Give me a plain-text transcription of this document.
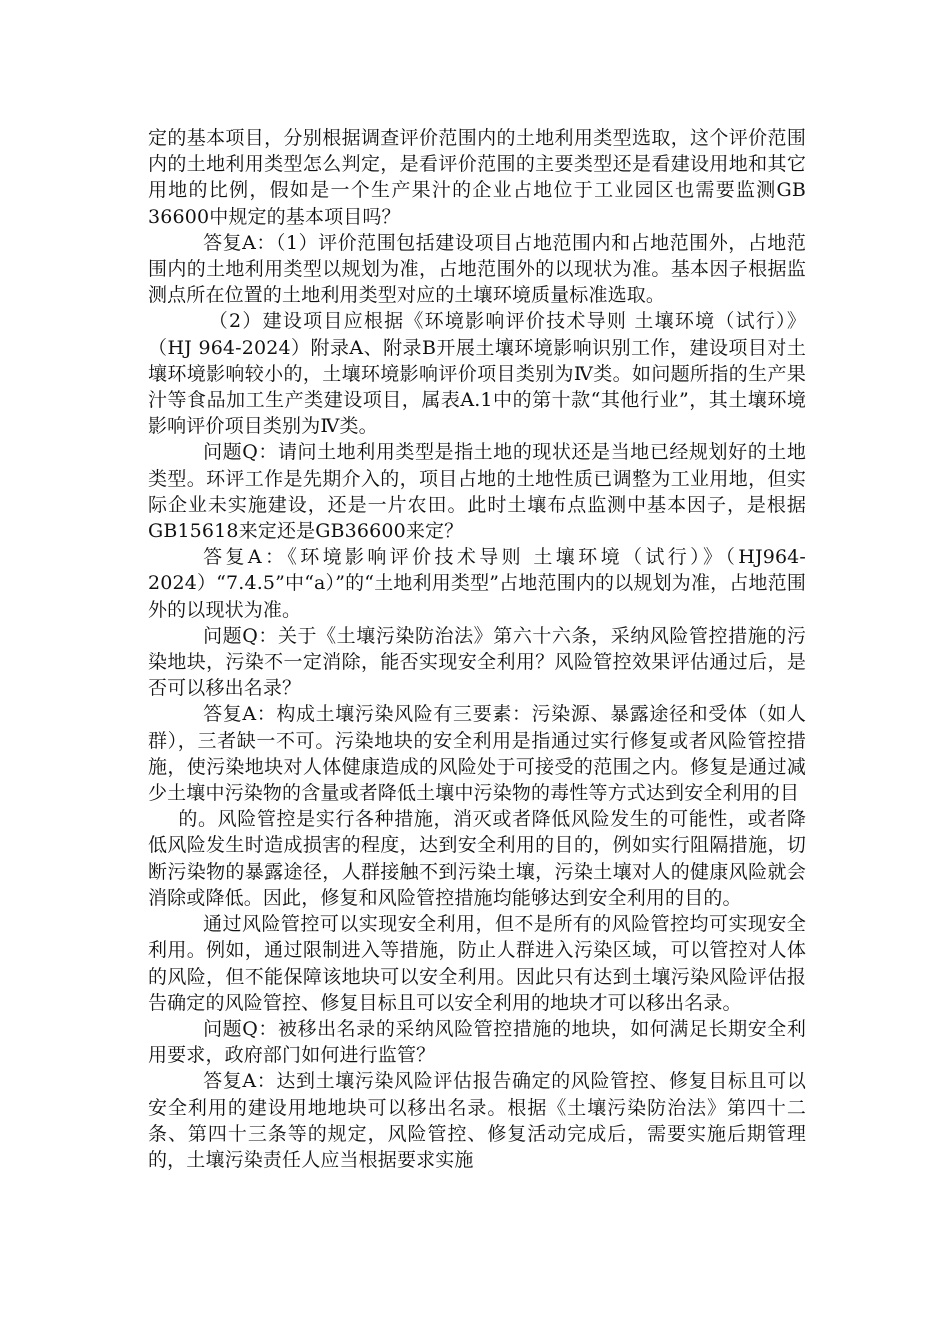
定的基本项目，分别根据调查评价范围内的土地利用类型选取，这个评价范围内的土地利用类型怎么判定，是看评价范围的主要类型还是看建设用地和其它用地的比例，假如是一个生产果汁的企业占地位于工业园区也需要监测GB 36600中规定的基本项目吗？

答复A：（1）评价范围包括建设项目占地范围内和占地范围外，占地范围内的土地利用类型以规划为准，占地范围外的以现状为准。基本因子根据监测点所在位置的土地利用类型对应的土壤环境质量标准选取。

（2）建设项目应根据《环境影响评价技术导则 土壤环境（试行）》（HJ 964-2024）附录A、附录B开展土壤环境影响识别工作，建设项目对土壤环境影响较小的，土壤环境影响评价项目类别为Ⅳ类。如问题所指的生产果汁等食品加工生产类建设项目，属表A.1中的第十款“其他行业”，其土壤环境影响评价项目类别为Ⅳ类。

问题Q：请问土地利用类型是指土地的现状还是当地已经规划好的土地类型。环评工作是先期介入的，项目占地的土地性质已调整为工业用地，但实际企业未实施建设，还是一片农田。此时土壤布点监测中基本因子，是根据GB15618来定还是GB36600来定？

答复A：《环境影响评价技术导则 土壤环境（试行）》（HJ964-2024）“7.4.5”中“a）”的“土地利用类型”占地范围内的以规划为准，占地范围外的以现状为准。

问题Q：关于《土壤污染防治法》第六十六条，采纳风险管控措施的污染地块，污染不一定消除，能否实现安全利用？风险管控效果评估通过后，是否可以移出名录？

答复A：构成土壤污染风险有三要素：污染源、暴露途径和受体（如人群），三者缺一不可。污染地块的安全利用是指通过实行修复或者风险管控措施，使污染地块对人体健康造成的风险处于可接受的范围之内。修复是通过减少土壤中污染物的含量或者降低土壤中污染物的毒性等方式达到安全利用的目

的。风险管控是实行各种措施，消灭或者降低风险发生的可能性，或者降低风险发生时造成损害的程度，达到安全利用的目的，例如实行阻隔措施，切断污染物的暴露途径，人群接触不到污染土壤，污染土壤对人的健康风险就会消除或降低。因此，修复和风险管控措施均能够达到安全利用的目的。

通过风险管控可以实现安全利用，但不是所有的风险管控均可实现安全利用。例如，通过限制进入等措施，防止人群进入污染区域，可以管控对人体的风险，但不能保障该地块可以安全利用。因此只有达到土壤污染风险评估报告确定的风险管控、修复目标且可以安全利用的地块才可以移出名录。

问题Q：被移出名录的采纳风险管控措施的地块，如何满足长期安全利用要求，政府部门如何进行监管？

答复A：达到土壤污染风险评估报告确定的风险管控、修复目标且可以安全利用的建设用地地块可以移出名录。根据《土壤污染防治法》第四十二条、第四十三条等的规定，风险管控、修复活动完成后，需要实施后期管理的，土壤污染责任人应当根据要求实施
